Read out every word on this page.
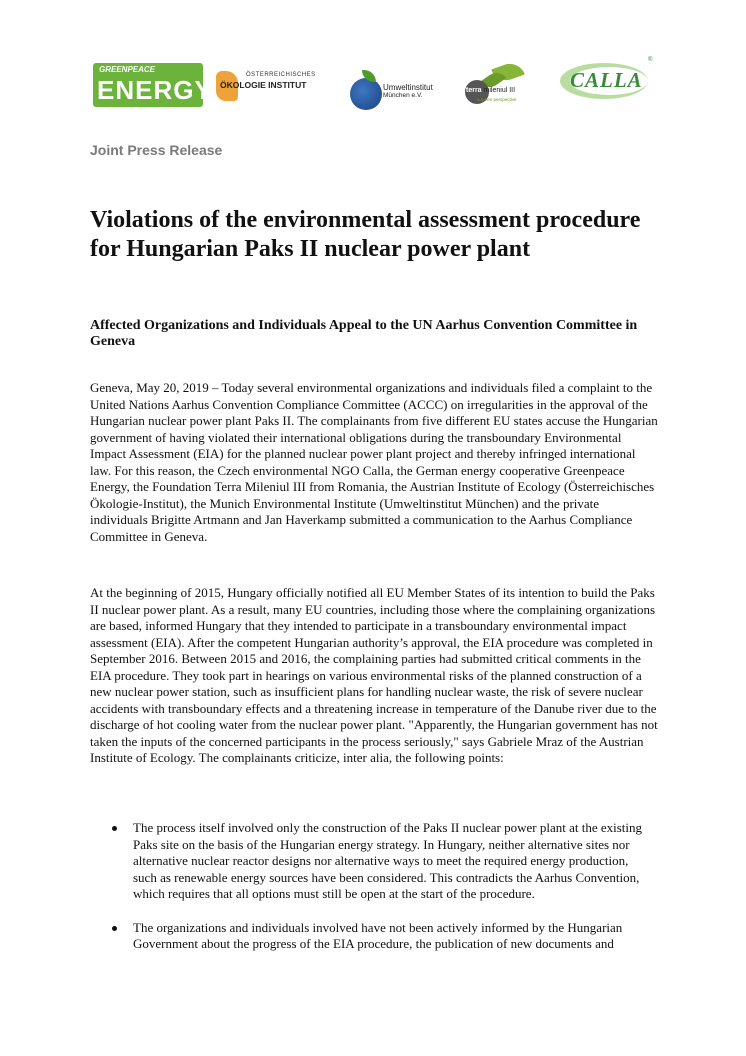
GREENPEACE
ENERGY	ÖSTERREICHISCHES
ÖKOLOGIE INSTITUT	Umweltinstitut
München e.V.
terra mileniul III
a green perspective
CALLA
®
Joint Press Release
Violations of the environmental assessment procedure for Hungarian Paks II nuclear power plant
Affected Organizations and Individuals Appeal to the UN Aarhus Convention Committee in Geneva

Geneva, May 20, 2019 – Today several environmental organizations and individuals filed a complaint to the United Nations Aarhus Convention Compliance Committee (ACCC) on irregularities in the approval of the Hungarian nuclear power plant Paks II. The complainants from five different EU states accuse the Hungarian government of having violated their international obligations during the transboundary Environmental Impact Assessment (EIA) for the planned nuclear power plant project and thereby infringed international law. For this reason, the Czech environmental NGO Calla, the German energy cooperative Greenpeace Energy, the Foundation Terra Mileniul III from Romania, the Austrian Institute of Ecology (Österreichisches Ökologie-Institut), the Munich Environmental Institute (Umweltinstitut München) and the private individuals Brigitte Artmann and Jan Haverkamp submitted a communication to the Aarhus Compliance Committee in Geneva.

At the beginning of 2015, Hungary officially notified all EU Member States of its intention to build the Paks II nuclear power plant. As a result, many EU countries, including those where the complaining organizations are based, informed Hungary that they intended to participate in a transboundary environmental impact assessment (EIA). After the competent Hungarian authority’s approval, the EIA procedure was completed in September 2016. Between 2015 and 2016, the complaining parties had submitted critical comments in the EIA procedure. They took part in hearings on various environmental risks of the planned construction of a new nuclear power station, such as insufficient plans for handling nuclear waste, the risk of severe nuclear accidents with transboundary effects and a threatening increase in temperature of the Danube river due to the discharge of hot cooling water from the nuclear power plant. "Apparently, the Hungarian government has not taken the inputs of the concerned participants in the process seriously," says Gabriele Mraz of the Austrian Institute of Ecology. The complainants criticize, inter alia, the following points:

The process itself involved only the construction of the Paks II nuclear power plant at the existing Paks site on the basis of the Hungarian energy strategy. In Hungary, neither alternative sites nor alternative nuclear reactor designs nor alternative ways to meet the required energy production, such as renewable energy sources have been considered. This contradicts the Aarhus Convention, which requires that all options must still be open at the start of the procedure.
The organizations and individuals involved have not been actively informed by the Hungarian Government about the progress of the EIA procedure, the publication of new documents and
